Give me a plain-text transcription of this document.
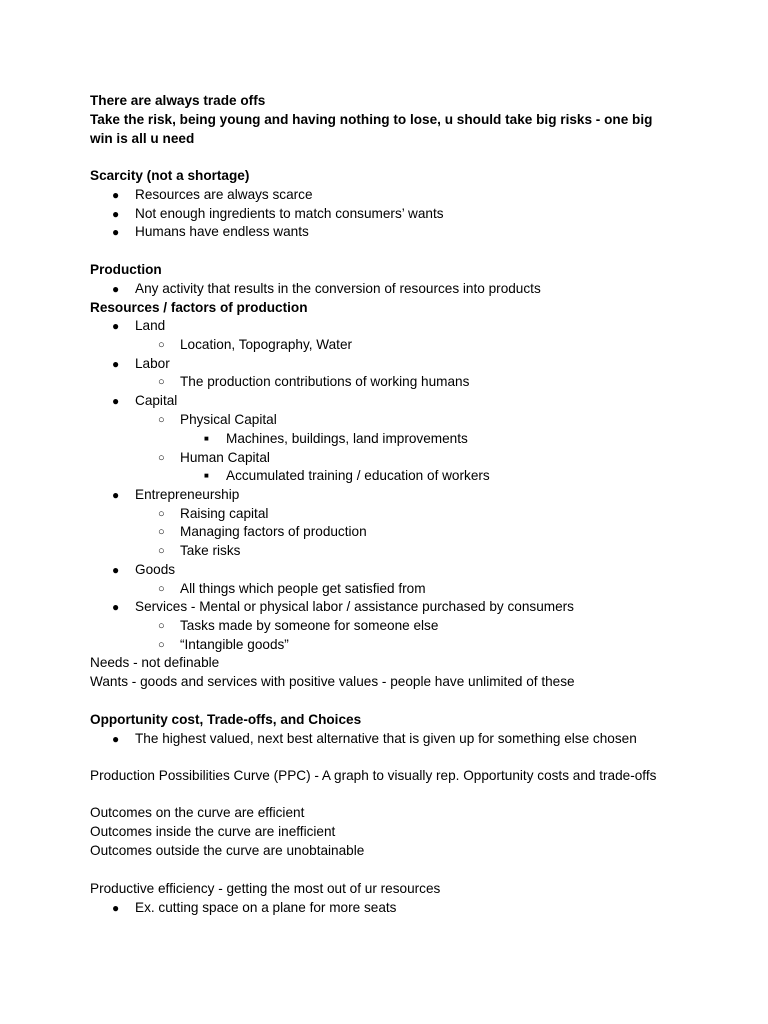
There are always trade offs
Take the risk, being young and having nothing to lose, u should take big risks - one big
win is all u need
Scarcity (not a shortage)
● Resources are always scarce
● Not enough ingredients to match consumers’ wants
● Humans have endless wants
Production
● Any activity that results in the conversion of resources into products
Resources / factors of production
● Land
○ Location, Topography, Water
● Labor
○ The production contributions of working humans
● Capital
○ Physical Capital
■ Machines, buildings, land improvements
○ Human Capital
■ Accumulated training / education of workers
● Entrepreneurship
○ Raising capital
○ Managing factors of production
○ Take risks
● Goods
○ All things which people get satisfied from
● Services - Mental or physical labor / assistance purchased by consumers
○ Tasks made by someone for someone else
○ “Intangible goods”
Needs - not definable
Wants - goods and services with positive values - people have unlimited of these
Opportunity cost, Trade-offs, and Choices
● The highest valued, next best alternative that is given up for something else chosen
Production Possibilities Curve (PPC) - A graph to visually rep. Opportunity costs and trade-offs
Outcomes on the curve are efficient
Outcomes inside the curve are inefficient
Outcomes outside the curve are unobtainable
Productive efficiency - getting the most out of ur resources
● Ex. cutting space on a plane for more seats
